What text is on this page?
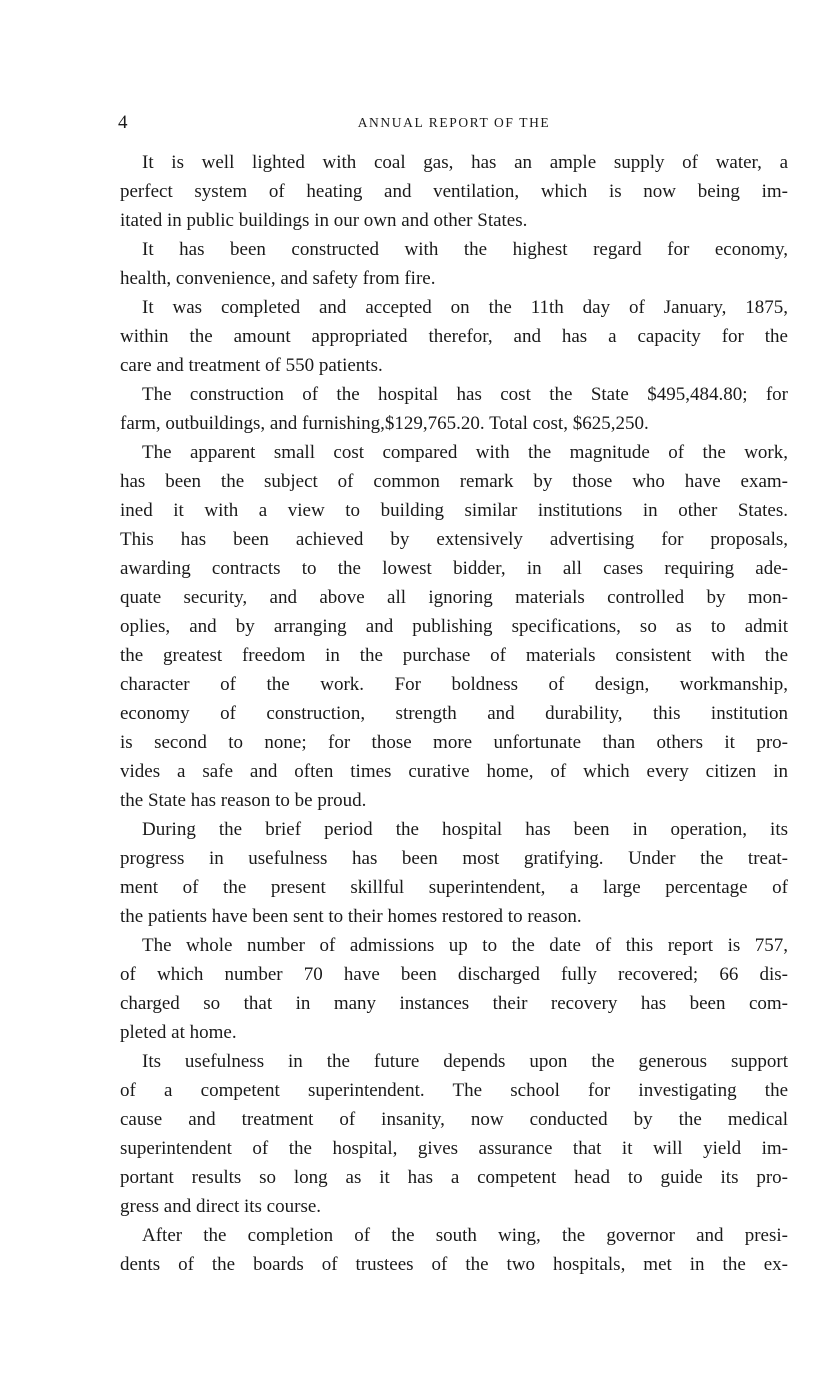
4	ANNUAL REPORT OF THE
It is well lighted with coal gas, has an ample supply of water, a
perfect system of heating and ventilation, which is now being im-
itated in public buildings in our own and other States.
It has been constructed with the highest regard for economy,
health, convenience, and safety from fire.
It was completed and accepted on the 11th day of January, 1875,
within the amount appropriated therefor, and has a capacity for the
care and treatment of 550 patients.
The construction of the hospital has cost the State $495,484.80; for
farm, outbuildings, and furnishing,$129,765.20. Total cost, $625,250.
The apparent small cost compared with the magnitude of the work,
has been the subject of common remark by those who have exam-
ined it with a view to building similar institutions in other States.
This has been achieved by extensively advertising for proposals,
awarding contracts to the lowest bidder, in all cases requiring ade-
quate security, and above all ignoring materials controlled by mon-
oplies, and by arranging and publishing specifications, so as to admit
the greatest freedom in the purchase of materials consistent with the
character of the work. For boldness of design, workmanship,
economy of construction, strength and durability, this institution
is second to none; for those more unfortunate than others it pro-
vides a safe and often times curative home, of which every citizen in
the State has reason to be proud.
During the brief period the hospital has been in operation, its
progress in usefulness has been most gratifying. Under the treat-
ment of the present skillful superintendent, a large percentage of
the patients have been sent to their homes restored to reason.
The whole number of admissions up to the date of this report is 757,
of which number 70 have been discharged fully recovered; 66 dis-
charged so that in many instances their recovery has been com-
pleted at home.
Its usefulness in the future depends upon the generous support
of a competent superintendent. The school for investigating the
cause and treatment of insanity, now conducted by the medical
superintendent of the hospital, gives assurance that it will yield im-
portant results so long as it has a competent head to guide its pro-
gress and direct its course.
After the completion of the south wing, the governor and presi-
dents of the boards of trustees of the two hospitals, met in the ex-
